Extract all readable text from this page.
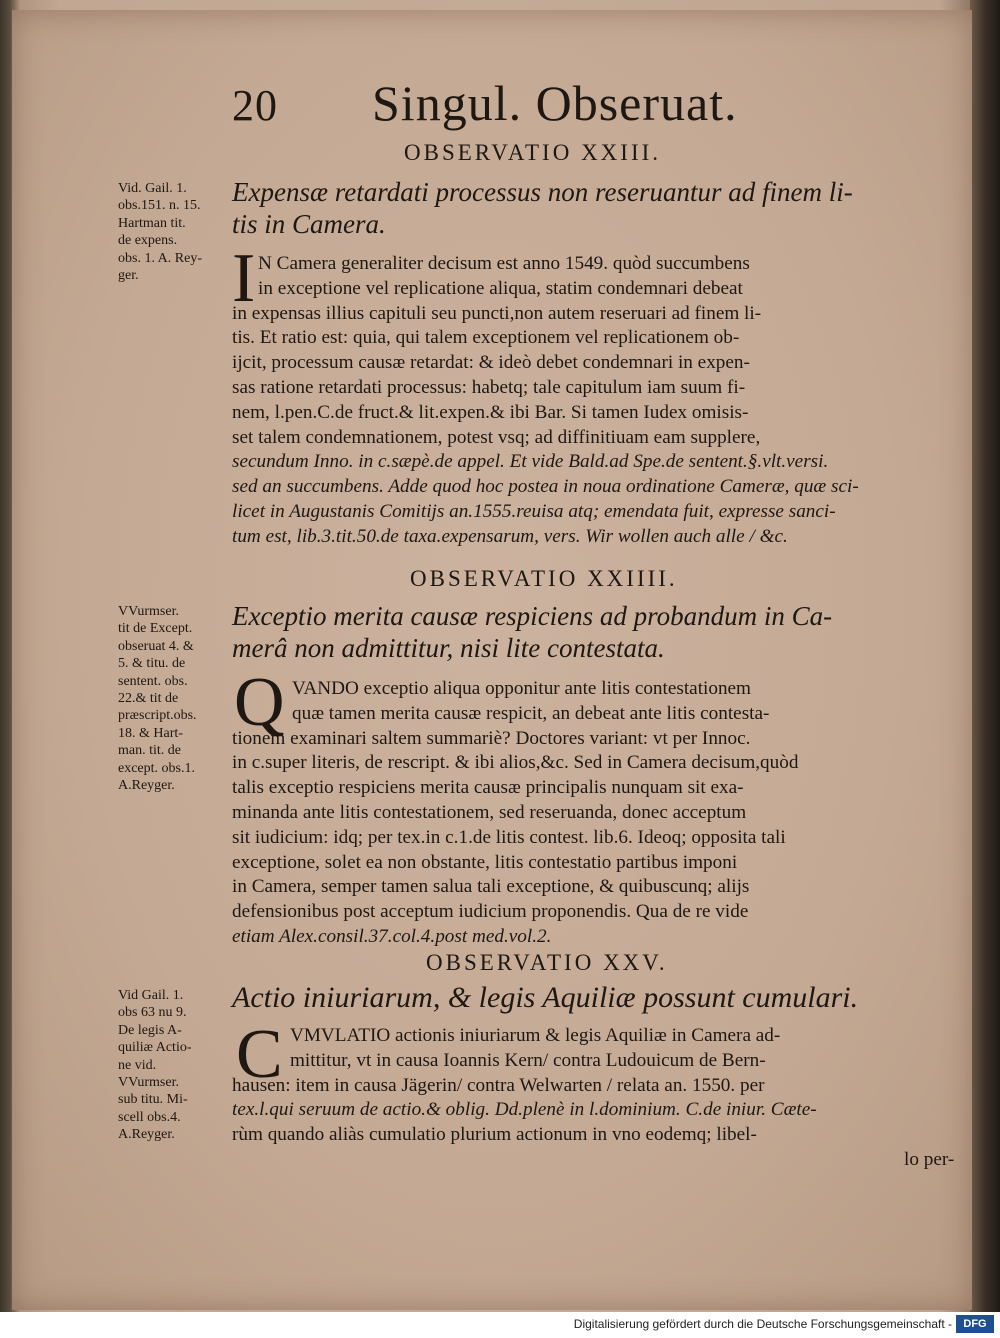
20 Singul. Obseruat.
OBSERVATIO XXIII.
Vid. Gail. 1.
obs.151. n. 15.
Hartman tit.
de expens.
obs. 1. A. Rey-
ger.
Expensæ retardati processus non reseruantur ad finem li-
tis in Camera.
I N Camera generaliter decisum est anno 1549. quòd succumbens
in exceptione vel replicatione aliqua, statim condemnari debeat
in expensas illius capituli seu puncti,non autem reseruari ad finem li-
tis. Et ratio est: quia, qui talem exceptionem vel replicationem ob-
ijcit, processum causæ retardat: & ideò debet condemnari in expen-
sas ratione retardati processus: habetq; tale capitulum iam suum fi-
nem, l.pen.C.de fruct.& lit.expen.& ibi Bar. Si tamen Iudex omisis-
set talem condemnationem, potest vsq; ad diffinitiuam eam supplere,
secundum Inno. in c.sæpè.de appel. Et vide Bald.ad Spe.de sentent.§.vlt.versi.
sed an succumbens. Adde quod hoc postea in noua ordinatione Cameræ, quæ sci-
licet in Augustanis Comitijs an.1555.reuisa atq; emendata fuit, expresse sanci-
tum est, lib.3.tit.50.de taxa.expensarum, vers. Wir wollen auch alle / &c.
OBSERVATIO XXIIII.
VVurmser.
tit de Except.
obseruat 4. &
5. & titu. de
sentent. obs.
22.& tit de
præscript.obs.
18. & Hart-
man. tit. de
except. obs.1.
A.Reyger.
Exceptio merita causæ respiciens ad probandum in Ca-
merâ non admittitur, nisi lite contestata.
Q VANDO exceptio aliqua opponitur ante litis contestationem
quæ tamen merita causæ respicit, an debeat ante litis contesta-
tionem examinari saltem summariè? Doctores variant: vt per Innoc.
in c.super literis, de rescript. & ibi alios,&c. Sed in Camera decisum,quòd
talis exceptio respiciens merita causæ principalis nunquam sit exa-
minanda ante litis contestationem, sed reseruanda, donec acceptum
sit iudicium: idq; per tex.in c.1.de litis contest. lib.6. Ideoq; opposita tali
exceptione, solet ea non obstante, litis contestatio partibus imponi
in Camera, semper tamen salua tali exceptione, & quibuscunq; alijs
defensionibus post acceptum iudicium proponendis. Qua de re vide
etiam Alex.consil.37.col.4.post med.vol.2.
OBSERVATIO XXV.
Vid Gail. 1.
obs 63 nu 9.
De legis A-
quiliæ Actio-
ne vid.
VVurmser.
sub titu. Mi-
scell obs.4.
A.Reyger.
Actio iniuriarum, & legis Aquiliæ possunt cumulari.
C VMVLATIO actionis iniuriarum & legis Aquiliæ in Camera ad-
mittitur, vt in causa Ioannis Kern/ contra Ludouicum de Bern-
hausen: item in causa Jägerin/ contra Welwarten / relata an. 1550. per
tex.l.qui seruum de actio.& oblig. Dd.plenè in l.dominium. C.de iniur. Cæte-
rùm quando aliàs cumulatio plurium actionum in vno eodemq; libel-
lo per-
Digitalisierung gefördert durch die Deutsche Forschungsgemeinschaft -	DFG
